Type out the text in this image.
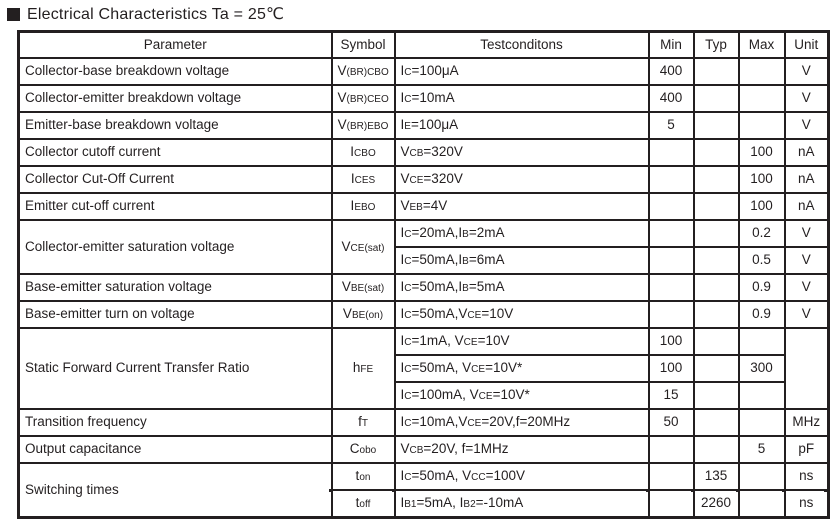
Electrical Characteristics Ta = 25℃
Parameter	Symbol	Testconditons	Min	Typ	Max	Unit
Collector-base breakdown voltage	V(BR)CBO	IC=100μA	400			V
Collector-emitter breakdown voltage	V(BR)CEO	IC=10mA	400			V
Emitter-base breakdown voltage	V(BR)EBO	IE=100μA	5			V
Collector cutoff current	ICBO	VCB=320V			100	nA
Collector Cut-Off Current	ICES	VCE=320V			100	nA
Emitter cut-off current	IEBO	VEB=4V			100	nA
Collector-emitter saturation voltage	VCE(sat)	IC=20mA,IB=2mA			0.2	V
		IC=50mA,IB=6mA			0.5	V
Base-emitter saturation voltage	VBE(sat)	IC=50mA,IB=5mA			0.9	V
Base-emitter turn on voltage	VBE(on)	IC=50mA,VCE=10V			0.9	V
Static Forward Current Transfer Ratio	hFE	IC=1mA, VCE=10V	100			
		IC=50mA, VCE=10V*	100		300	
		IC=100mA, VCE=10V*	15			
Transition frequency	fT	IC=10mA,VCE=20V,f=20MHz	50			MHz
Output capacitance	Cobo	VCB=20V, f=1MHz			5	pF
Switching times	ton	IC=50mA, VCC=100V		135		ns
	toff	IB1=5mA, IB2=-10mA		2260		ns
